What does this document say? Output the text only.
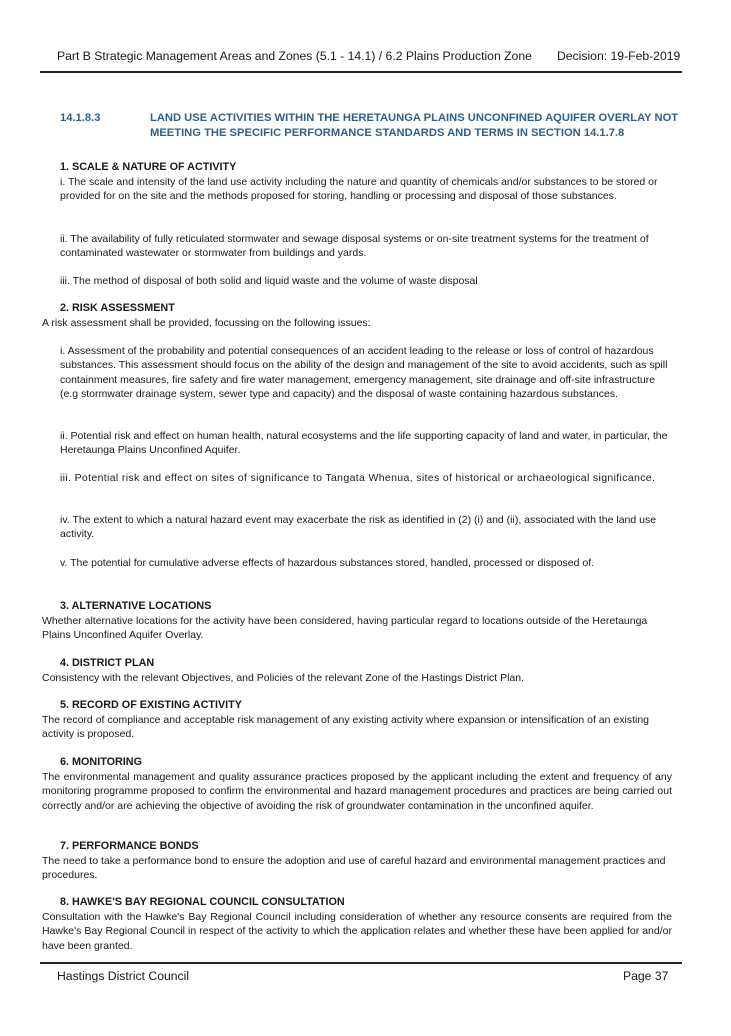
Part B Strategic Management Areas and Zones (5.1 - 14.1) / 6.2 Plains Production Zone Decision: 19-Feb-2019
14.1.8.3	LAND USE ACTIVITIES WITHIN THE HERETAUNGA PLAINS UNCONFINED AQUIFER OVERLAY NOT MEETING THE SPECIFIC PERFORMANCE STANDARDS AND TERMS IN SECTION 14.1.7.8
1. SCALE & NATURE OF ACTIVITY
i. The scale and intensity of the land use activity including the nature and quantity of chemicals and/or substances to be stored or provided for on the site and the methods proposed for storing, handling or processing and disposal of those substances.
ii. The availability of fully reticulated stormwater and sewage disposal systems or on-site treatment systems for the treatment of contaminated wastewater or stormwater from buildings and yards.
iii. The method of disposal of both solid and liquid waste and the volume of waste disposal
2. RISK ASSESSMENT
A risk assessment shall be provided, focussing on the following issues:
i. Assessment of the probability and potential consequences of an accident leading to the release or loss of control of hazardous substances. This assessment should focus on the ability of the design and management of the site to avoid accidents, such as spill containment measures, fire safety and fire water management, emergency management, site drainage and off-site infrastructure (e.g stormwater drainage system, sewer type and capacity) and the disposal of waste containing hazardous substances.
ii. Potential risk and effect on human health, natural ecosystems and the life supporting capacity of land and water, in particular, the Heretaunga Plains Unconfined Aquifer.
iii. Potential risk and effect on sites of significance to Tangata Whenua, sites of historical or archaeological significance.
iv. The extent to which a natural hazard event may exacerbate the risk as identified in (2) (i) and (ii), associated with the land use activity.
v. The potential for cumulative adverse effects of hazardous substances stored, handled, processed or disposed of.
3. ALTERNATIVE LOCATIONS
Whether alternative locations for the activity have been considered, having particular regard to locations outside of the Heretaunga Plains Unconfined Aquifer Overlay.
4. DISTRICT PLAN
Consistency with the relevant Objectives, and Policies of the relevant Zone of the Hastings District Plan.
5. RECORD OF EXISTING ACTIVITY
The record of compliance and acceptable risk management of any existing activity where expansion or intensification of an existing activity is proposed.
6. MONITORING
The environmental management and quality assurance practices proposed by the applicant including the extent and frequency of any monitoring programme proposed to confirm the environmental and hazard management procedures and practices are being carried out correctly and/or are achieving the objective of avoiding the risk of groundwater contamination in the unconfined aquifer.
7. PERFORMANCE BONDS
The need to take a performance bond to ensure the adoption and use of careful hazard and environmental management practices and procedures.
8. HAWKE'S BAY REGIONAL COUNCIL CONSULTATION
Consultation with the Hawke's Bay Regional Council including consideration of whether any resource consents are required from the Hawke's Bay Regional Council in respect of the activity to which the application relates and whether these have been applied for and/or have been granted.
Hastings District Council	Page 37
